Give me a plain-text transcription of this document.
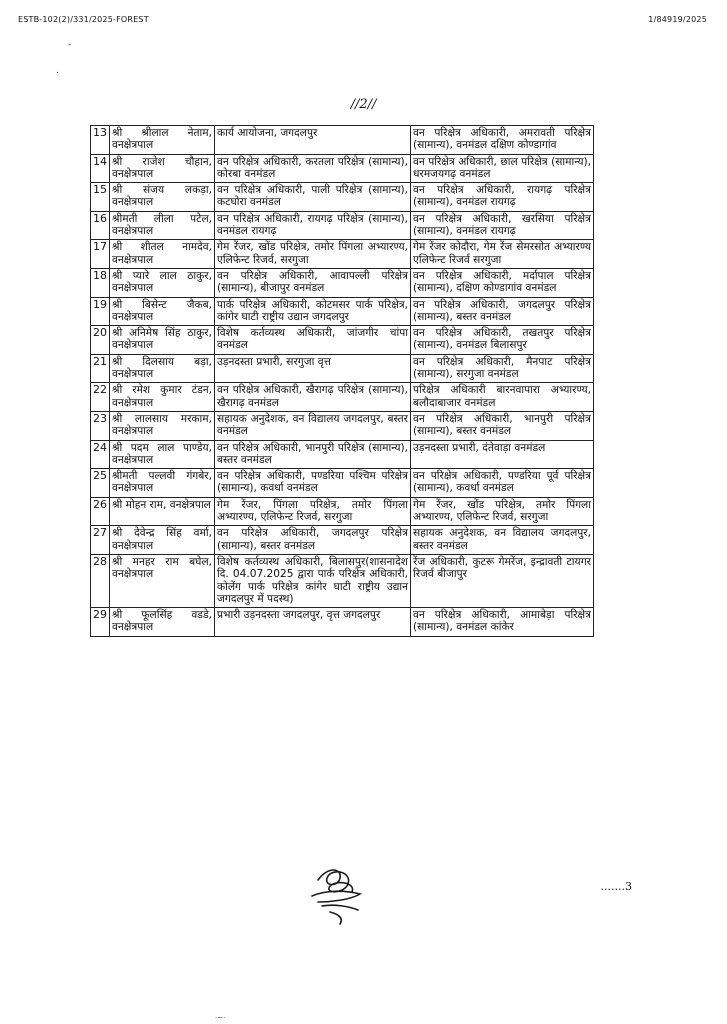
ESTB-102(2)/331/2025-FOREST	1/84919/2025
-
.
//2//
13	श्री श्रीलाल नेताम, वनक्षेत्रपाल	कार्य आयोजना, जगदलपुर	वन परिक्षेत्र अधिकारी, अमरावती परिक्षेत्र (सामान्य), वनमंडल दक्षिण कोण्डागांव
14	श्री राजेश चौहान, वनक्षेत्रपाल	वन परिक्षेत्र अधिकारी, करतला परिक्षेत्र (सामान्य), कोरबा वनमंडल	वन परिक्षेत्र अधिकारी, छाल परिक्षेत्र (सामान्य), धरमजयगढ़ वनमंडल
15	श्री संजय लकड़ा, वनक्षेत्रपाल	वन परिक्षेत्र अधिकारी, पाली परिक्षेत्र (सामान्य), कटघोरा वनमंडल	वन परिक्षेत्र अधिकारी, रायगढ़ परिक्षेत्र (सामान्य), वनमंडल रायगढ़
16	श्रीमती लीला पटेल, वनक्षेत्रपाल	वन परिक्षेत्र अधिकारी, रायगढ़ परिक्षेत्र (सामान्य), वनमंडल रायगढ़	वन परिक्षेत्र अधिकारी, खरसिया परिक्षेत्र (सामान्य), वनमंडल रायगढ़
17	श्री शीतल नामदेव, वनक्षेत्रपाल	गेम रेंजर, खोंड परिक्षेत्र, तमोर पिंगला अभ्यारण्य, एलिफेन्ट रिजर्व, सरगुजा	गेम रेंजर कोदौरा, गेम रेंज सेमरसोत अभ्यारण्य एलिफेन्ट रिजर्व सरगुजा
18	श्री प्यारे लाल ठाकुर, वनक्षेत्रपाल	वन परिक्षेत्र अधिकारी, आवापल्ली परिक्षेत्र (सामान्य), बीजापुर वनमंडल	वन परिक्षेत्र अधिकारी, मर्दापाल परिक्षेत्र (सामान्य), दक्षिण कोण्डागांव वनमंडल
19	श्री बिसेन्ट जैकब, वनक्षेत्रपाल	पार्क परिक्षेत्र अधिकारी, कोटमसर पार्क परिक्षेत्र, कांगेर घाटी राष्ट्रीय उद्यान जगदलपुर	वन परिक्षेत्र अधिकारी, जगदलपुर परिक्षेत्र (सामान्य), बस्तर वनमंडल
20	श्री अनिमेष सिंह ठाकुर, वनक्षेत्रपाल	विशेष कर्तव्यस्थ अधिकारी, जांजगीर चांपा वनमंडल	वन परिक्षेत्र अधिकारी, तखतपुर परिक्षेत्र (सामान्य), वनमंडल बिलासपुर
21	श्री दिलसाय बड़ा, वनक्षेत्रपाल	उड़नदस्ता प्रभारी, सरगुजा वृत्त	वन परिक्षेत्र अधिकारी, मैनपाट परिक्षेत्र (सामान्य), सरगुजा वनमंडल
22	श्री रमेश कुमार टंडन, वनक्षेत्रपाल	वन परिक्षेत्र अधिकारी, खैरागढ़ परिक्षेत्र (सामान्य), खैरागढ़ वनमंडल	परिक्षेत्र अधिकारी बारनवापारा अभ्यारण्य, बलौदाबाजार वनमंडल
23	श्री लालसाय मरकाम, वनक्षेत्रपाल	सहायक अनुदेशक, वन विद्यालय जगदलपुर, बस्तर वनमंडल	वन परिक्षेत्र अधिकारी, भानपुरी परिक्षेत्र (सामान्य), बस्तर वनमंडल
24	श्री पदम लाल पाण्डेय, वनक्षेत्रपाल	वन परिक्षेत्र अधिकारी, भानपुरी परिक्षेत्र (सामान्य), बस्तर वनमंडल	उड़नदस्ता प्रभारी, दंतेवाड़ा वनमंडल
25	श्रीमती पल्लवी गंगबेर, वनक्षेत्रपाल	वन परिक्षेत्र अधिकारी, पण्डरिया पश्चिम परिक्षेत्र (सामान्य), कवर्धा वनमंडल	वन परिक्षेत्र अधिकारी, पण्डरिया पूर्व परिक्षेत्र (सामान्य), कवर्धा वनमंडल
26	श्री मोहन राम, वनक्षेत्रपाल	गेम रेंजर, पिंगला परिक्षेत्र, तमोर पिंगला अभ्यारण्य, एलिफेन्ट रिजर्व, सरगुजा	गेम रेंजर, खोंड परिक्षेत्र, तमोर पिंगला अभ्यारण्य, एलिफेन्ट रिजर्व, सरगुजा
27	श्री देवेन्द्र सिंह वर्मा, वनक्षेत्रपाल	वन परिक्षेत्र अधिकारी, जगदलपुर परिक्षेत्र (सामान्य), बस्तर वनमंडल	सहायक अनुदेशक, वन विद्यालय जगदलपुर, बस्तर वनमंडल
28	श्री मनहर राम बघेल, वनक्षेत्रपाल	विशेष कर्तव्यस्थ अधिकारी, बिलासपुर(शासनादेश दि. 04.07.2025 द्वारा पार्क परिक्षेत्र अधिकारी, कोलेंग पार्क परिक्षेत्र कांगेर घाटी राष्ट्रीय उद्यान जगदलपुर में पदस्थ)	रेंज अधिकारी, कुटरू गेमरेंज, इन्द्रावती टायगर रिजर्व बीजापुर
29	श्री फूलसिंह वडडे, वनक्षेत्रपाल	प्रभारी उड़नदस्ता जगदलपुर, वृत्त जगदलपुर	वन परिक्षेत्र अधिकारी, आमाबेड़ा परिक्षेत्र (सामान्य), वनमंडल कांकेर
.......3
·~·
